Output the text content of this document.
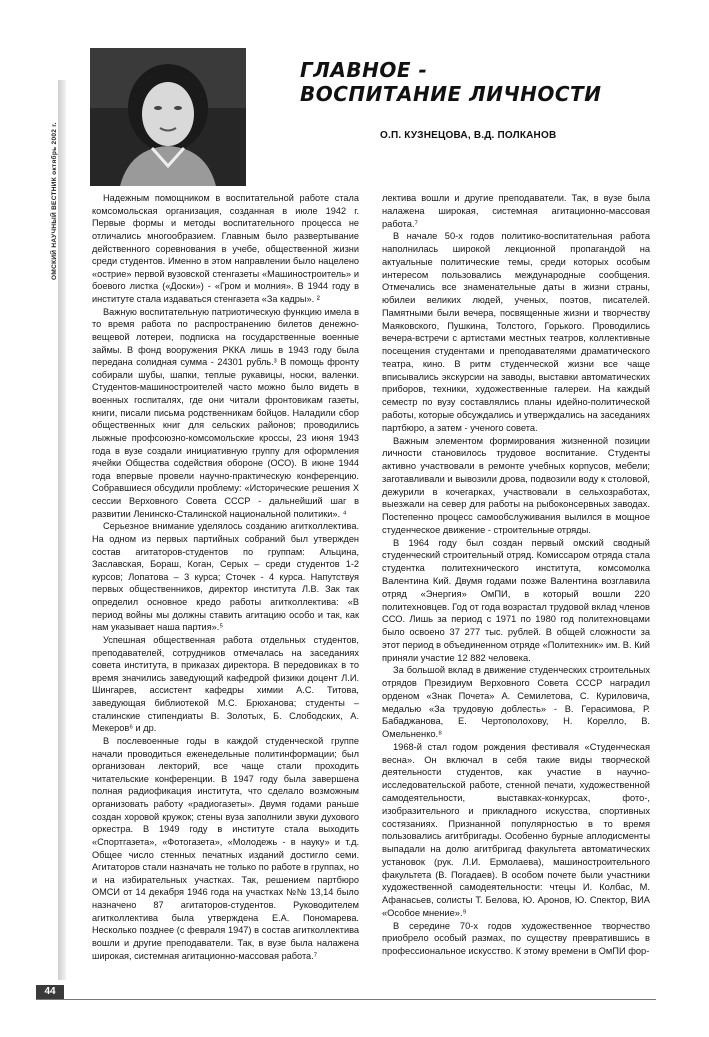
ОМСКИЙ НАУЧНЫЙ ВЕСТНИК октябрь 2002 г.
ГЛАВНОЕ -
ВОСПИТАНИЕ ЛИЧНОСТИ
О.П. КУЗНЕЦОВА, В.Д. ПОЛКАНОВ

Надежным помощником в воспитательной работе стала комсомольская организация, созданная в июле 1942 г. Первые формы и методы воспитательного процесса не отличались многообразием. Главным было развертывание действенного соревнования в учебе, общественной жизни среди студентов. Именно в этом направлении было нацелено «острие» первой вузовской стенгазеты «Машиностроитель» и боевого листка («Доски») - «Гром и молния». В 1944 году в институте стала издаваться стенгазета «За кадры». ²

Важную воспитательную патриотическую функцию имела в то время работа по распространению билетов денежно-вещевой лотереи, подписка на государственные военные займы. В фонд вооружения РККА лишь в 1943 году была передана солидная сумма - 24301 рубль.³ В помощь фронту собирали шубы, шапки, теплые рукавицы, носки, валенки. Студентов-машиностроителей часто можно было видеть в военных госпиталях, где они читали фронтовикам газеты, книги, писали письма родственникам бойцов. Наладили сбор общественных книг для сельских районов; проводились лыжные профсоюзно-комсомольские кроссы, 23 июня 1943 года в вузе создали инициативную группу для оформления ячейки Общества содействия обороне (ОСО). В июне 1944 года впервые провели научно-практическую конференцию. Собравшиеся обсудили проблему: «Исторические решения X сессии Верховного Совета СССР - дальнейший шаг в развитии Ленинско-Сталинской национальной политики». ⁴

Серьезное внимание уделялось созданию агитколлектива. На одном из первых партийных собраний был утвержден состав агитаторов-студентов по группам: Альцина, Заславская, Бораш, Коган, Серых – среди студентов 1-2 курсов; Лопатова – 3 курса; Сточек - 4 курса. Напутствуя первых общественников, директор института Л.В. Зак так определил основное кредо работы агитколлектива: «В период войны мы должны ставить агитацию особо и так, как нам указывает наша партия».⁵

Успешная общественная работа отдельных студентов, преподавателей, сотрудников отмечалась на заседаниях совета института, в приказах директора. В передовиках в то время значились заведующий кафедрой физики доцент Л.И. Шингарев, ассистент кафедры химии А.С. Титова, заведующая библиотекой М.С. Брюханова; студенты – сталинские стипендиаты В. Золотых, Б. Слободских, А. Мекеров⁶ и др.

В послевоенные годы в каждой студенческой группе начали проводиться еженедельные политинформации; был организован лекторий, все чаще стали проходить читательские конференции. В 1947 году была завершена полная радиофикация института, что сделало возможным организовать работу «радиогазеты». Двумя годами раньше создан хоровой кружок; стены вуза заполнили звуки духового оркестра. В 1949 году в институте стала выходить «Спортгазета», «Фотогазета», «Молодежь - в науку» и т.д. Общее число стенных печатных изданий достигло семи. Агитаторов стали назначать не только по работе в группах, но и на избирательных участках. Так, решением партбюро ОМСИ от 14 декабря 1946 года на участках №№ 13,14 было назначено 87 агитаторов-студентов. Руководителем агитколлектива была утверждена Е.А. Пономарева. Несколько позднее (с февраля 1947) в состав агитколлектива вошли и другие преподаватели. Так, в вузе была налажена широкая, системная агитационно-массовая работа.⁷

лектива вошли и другие преподаватели. Так, в вузе была налажена широкая, системная агитационно-массовая работа.⁷

В начале 50-х годов политико-воспитательная работа наполнилась широкой лекционной пропагандой на актуальные политические темы, среди которых особым интересом пользовались международные сообщения. Отмечались все знаменательные даты в жизни страны, юбилеи великих людей, ученых, поэтов, писателей. Памятными были вечера, посвященные жизни и творчеству Маяковского, Пушкина, Толстого, Горького. Проводились вечера-встречи с артистами местных театров, коллективные посещения студентами и преподавателями драматического театра, кино. В ритм студенческой жизни все чаще вписывались экскурсии на заводы, выставки автоматических приборов, техники, художественные галереи. На каждый семестр по вузу составлялись планы идейно-политической работы, которые обсуждались и утверждались на заседаниях партбюро, а затем - ученого совета.

Важным элементом формирования жизненной позиции личности становилось трудовое воспитание. Студенты активно участвовали в ремонте учебных корпусов, мебели; заготавливали и вывозили дрова, подвозили воду к столовой, дежурили в кочегарках, участвовали в сельхозработах, выезжали на север для работы на рыбоконсервных заводах. Постепенно процесс самообслуживания вылился в мощное студенческое движение - строительные отряды.

В 1964 году был создан первый омский сводный студенческий строительный отряд. Комиссаром отряда стала студентка политехнического института, комсомолка Валентина Кий. Двумя годами позже Валентина возглавила отряд «Энергия» ОмПИ, в который вошли 220 политехновцев. Год от года возрастал трудовой вклад членов ССО. Лишь за период с 1971 по 1980 год политехновцами было освоено 37 277 тыс. рублей. В общей сложности за этот период в объединенном отряде «Политехник» им. В. Кий приняли участие 12 882 человека.

За большой вклад в движение студенческих строительных отрядов Президиум Верховного Совета СССР наградил орденом «Знак Почета» А. Семилетова, С. Куриловича, медалью «За трудовую доблесть» - В. Герасимова, Р. Бабаджанова, Е. Чертополохову, Н. Корелло, В. Омельненко.⁸

1968-й стал годом рождения фестиваля «Студенческая весна». Он включал в себя такие виды творческой деятельности студентов, как участие в научно-исследовательской работе, стенной печати, художественной самодеятельности, выставках-конкурсах, фото-, изобразительного и прикладного искусства, спортивных состязаниях. Признанной популярностью в то время пользовались агитбригады. Особенно бурные аплодисменты выпадали на долю агитбригад факультета автоматических установок (рук. Л.И. Ермолаева), машиностроительного факультета (В. Погадаев). В особом почете были участники художественной самодеятельности: чтецы И. Колбас, М. Афанасьев, солисты Т. Белова, Ю. Аронов, Ю. Спектор, ВИА «Особое мнение».⁹

В середине 70-х годов художественное творчество приобрело особый размах, по существу превратившись в профессиональное искусство. К этому времени в ОмПИ фор-

44
